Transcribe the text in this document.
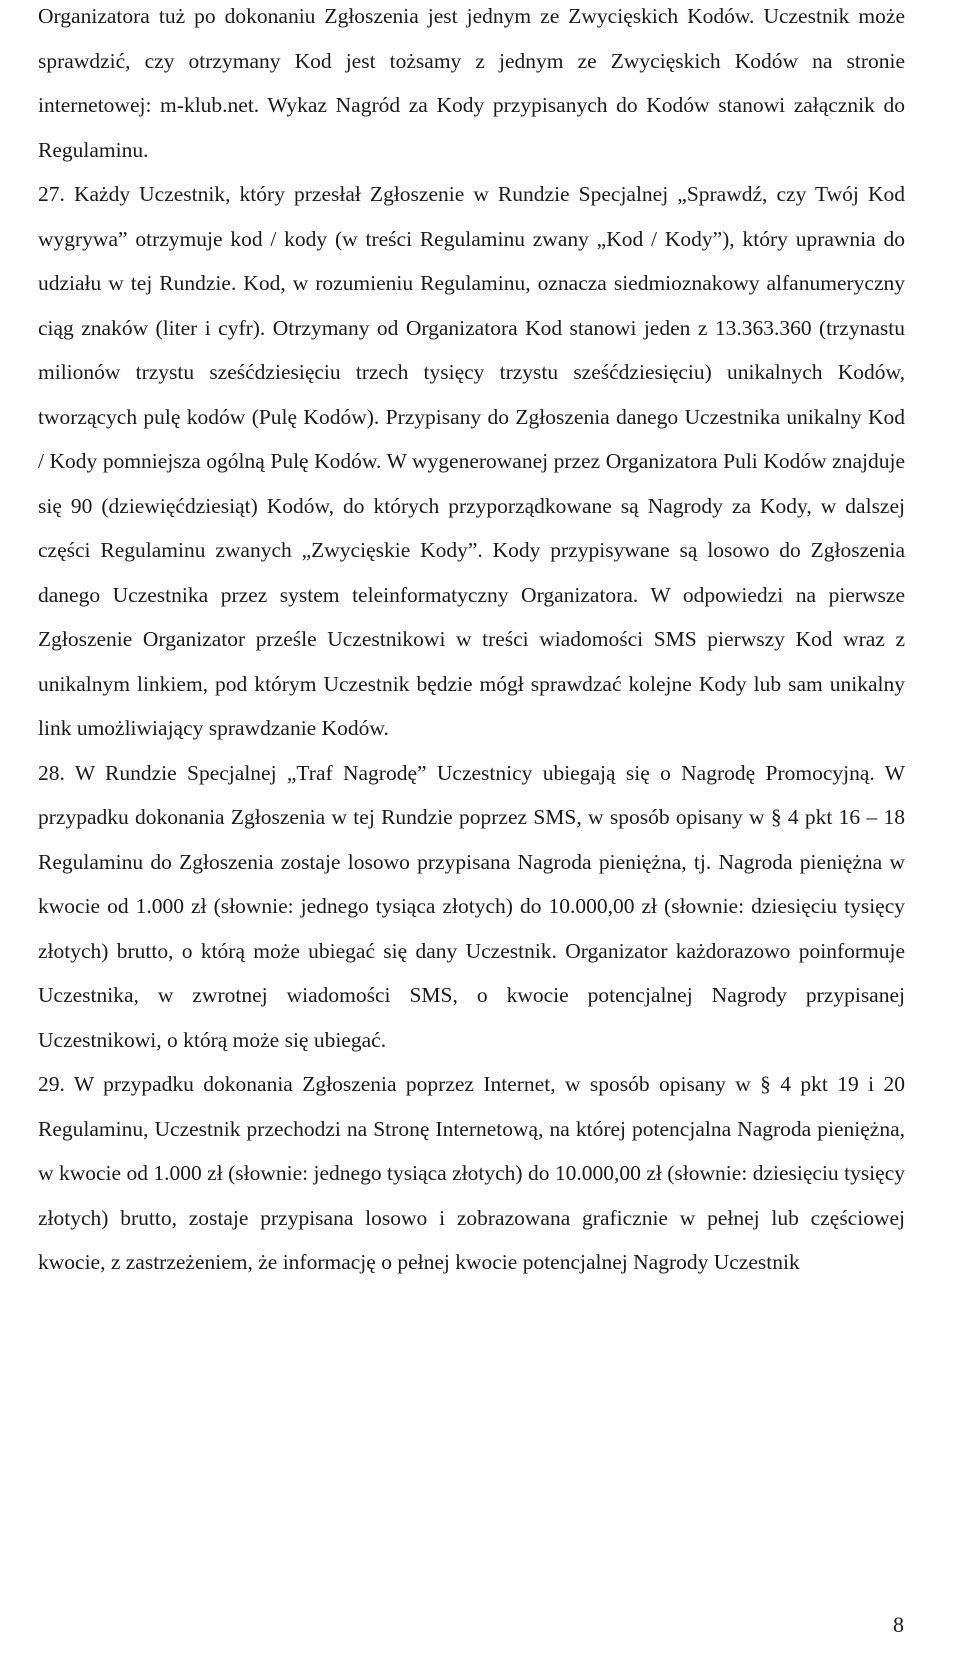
Organizatora tuż po dokonaniu Zgłoszenia jest jednym ze Zwycięskich Kodów. Uczestnik może sprawdzić, czy otrzymany Kod jest tożsamy z jednym ze Zwycięskich Kodów na stronie internetowej: m-klub.net. Wykaz Nagród za Kody przypisanych do Kodów stanowi załącznik do Regulaminu.

27. Każdy Uczestnik, który przesłał Zgłoszenie w Rundzie Specjalnej „Sprawdź, czy Twój Kod wygrywa” otrzymuje kod / kody (w treści Regulaminu zwany „Kod / Kody”), który uprawnia do udziału w tej Rundzie. Kod, w rozumieniu Regulaminu, oznacza siedmioznakowy alfanumeryczny ciąg znaków (liter i cyfr). Otrzymany od Organizatora Kod stanowi jeden z 13.363.360 (trzynastu milionów trzystu sześćdziesięciu trzech tysięcy trzystu sześćdziesięciu) unikalnych Kodów, tworzących pulę kodów (Pulę Kodów). Przypisany do Zgłoszenia danego Uczestnika unikalny Kod / Kody pomniejsza ogólną Pulę Kodów. W wygenerowanej przez Organizatora Puli Kodów znajduje się 90 (dziewięćdziesiąt) Kodów, do których przyporządkowane są Nagrody za Kody, w dalszej części Regulaminu zwanych „Zwycięskie Kody”. Kody przypisywane są losowo do Zgłoszenia danego Uczestnika przez system teleinformatyczny Organizatora. W odpowiedzi na pierwsze Zgłoszenie Organizator prześle Uczestnikowi w treści wiadomości SMS pierwszy Kod wraz z unikalnym linkiem, pod którym Uczestnik będzie mógł sprawdzać kolejne Kody lub sam unikalny link umożliwiający sprawdzanie Kodów.

28. W Rundzie Specjalnej „Traf Nagrodę” Uczestnicy ubiegają się o Nagrodę Promocyjną. W przypadku dokonania Zgłoszenia w tej Rundzie poprzez SMS, w sposób opisany w § 4 pkt 16 – 18 Regulaminu do Zgłoszenia zostaje losowo przypisana Nagroda pieniężna, tj. Nagroda pieniężna w kwocie od 1.000 zł (słownie: jednego tysiąca złotych) do 10.000,00 zł (słownie: dziesięciu tysięcy złotych) brutto, o którą może ubiegać się dany Uczestnik. Organizator każdorazowo poinformuje Uczestnika, w zwrotnej wiadomości SMS, o kwocie potencjalnej Nagrody przypisanej Uczestnikowi, o którą może się ubiegać.

29. W przypadku dokonania Zgłoszenia poprzez Internet, w sposób opisany w § 4 pkt 19 i 20 Regulaminu, Uczestnik przechodzi na Stronę Internetową, na której potencjalna Nagroda pieniężna, w kwocie od 1.000 zł (słownie: jednego tysiąca złotych) do 10.000,00 zł (słownie: dziesięciu tysięcy złotych) brutto, zostaje przypisana losowo i zobrazowana graficznie w pełnej lub częściowej kwocie, z zastrzeżeniem, że informację o pełnej kwocie potencjalnej Nagrody Uczestnik

8
